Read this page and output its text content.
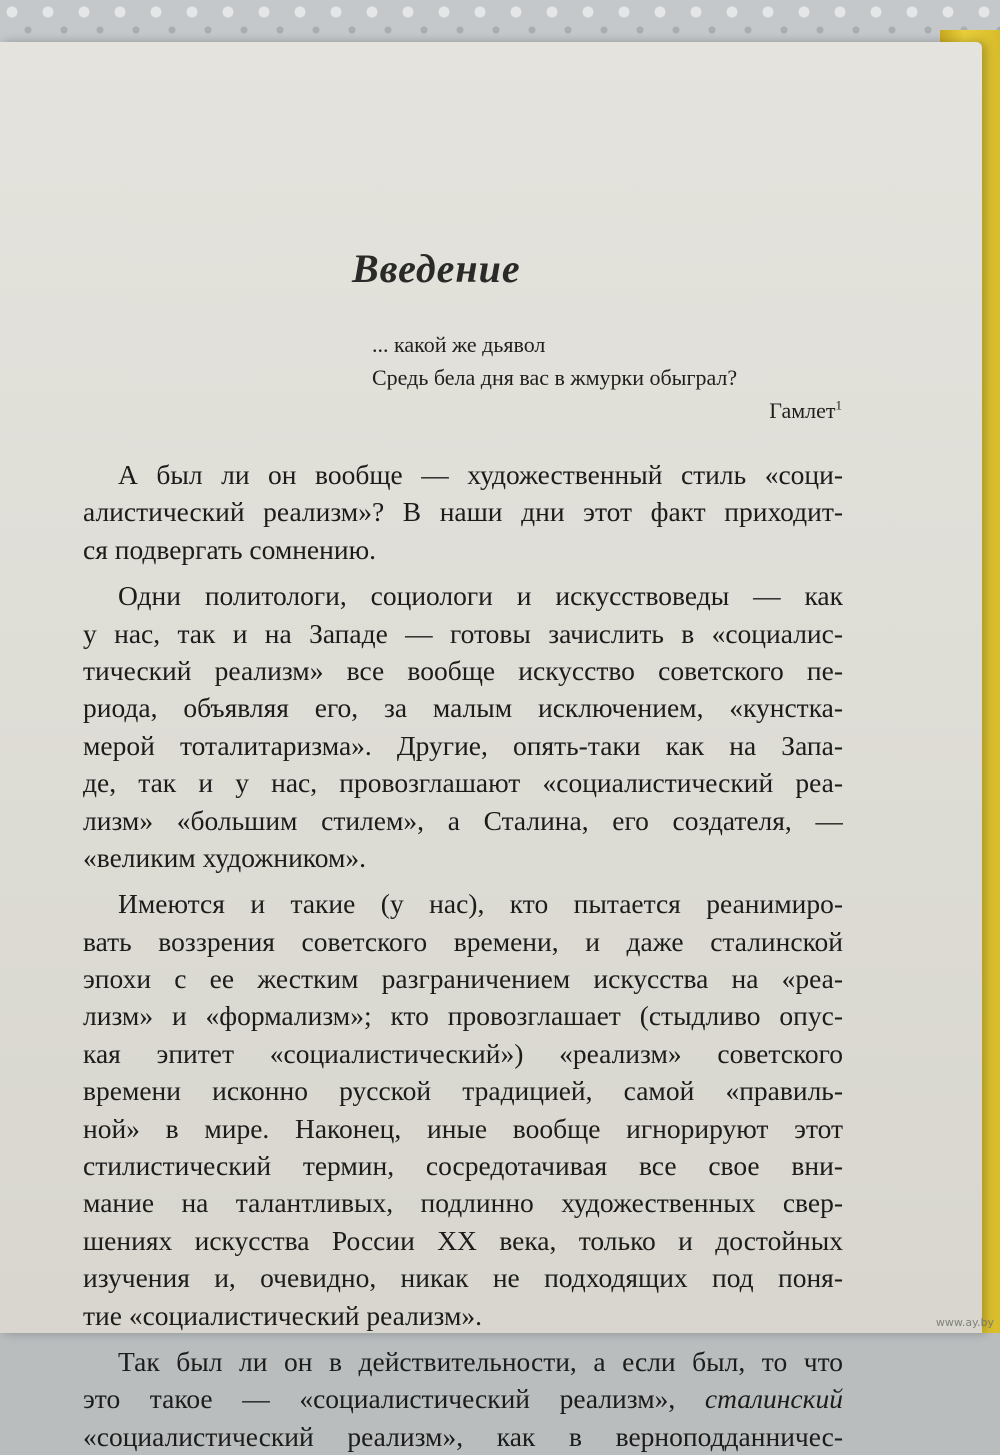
Введение
... какой же дьявол
Средь бела дня вас в жмурки обыграл?
Гамлет$^1$
А был ли он вообще — художественный стиль «соци-
алистический реализм»? В наши дни этот факт приходит-
ся подвергать сомнению.
Одни политологи, социологи и искусствоведы — как
у нас, так и на Западе — готовы зачислить в «социалис-
тический реализм» все вообще искусство советского пе-
риода, объявляя его, за малым исключением, «кунстка-
мерой тоталитаризма». Другие, опять-таки как на Запа-
де, так и у нас, провозглашают «социалистический реа-
лизм» «большим стилем», а Сталина, его создателя, —
«великим художником».
Имеются и такие (у нас), кто пытается реанимиро-
вать воззрения советского времени, и даже сталинской
эпохи с ее жестким разграничением искусства на «реа-
лизм» и «формализм»; кто провозглашает (стыдливо опус-
кая эпитет «социалистический») «реализм» советского
времени исконно русской традицией, самой «правиль-
ной» в мире. Наконец, иные вообще игнорируют этот
стилистический термин, сосредотачивая все свое вни-
мание на талантливых, подлинно художественных свер-
шениях искусства России XX века, только и достойных
изучения и, очевидно, никак не подходящих под поня-
тие «социалистический реализм».
Так был ли он в действительности, а если был, то что
это такое — «социалистический реализм», сталинский
«социалистический реализм», как в верноподданничес-
www.ay.by
